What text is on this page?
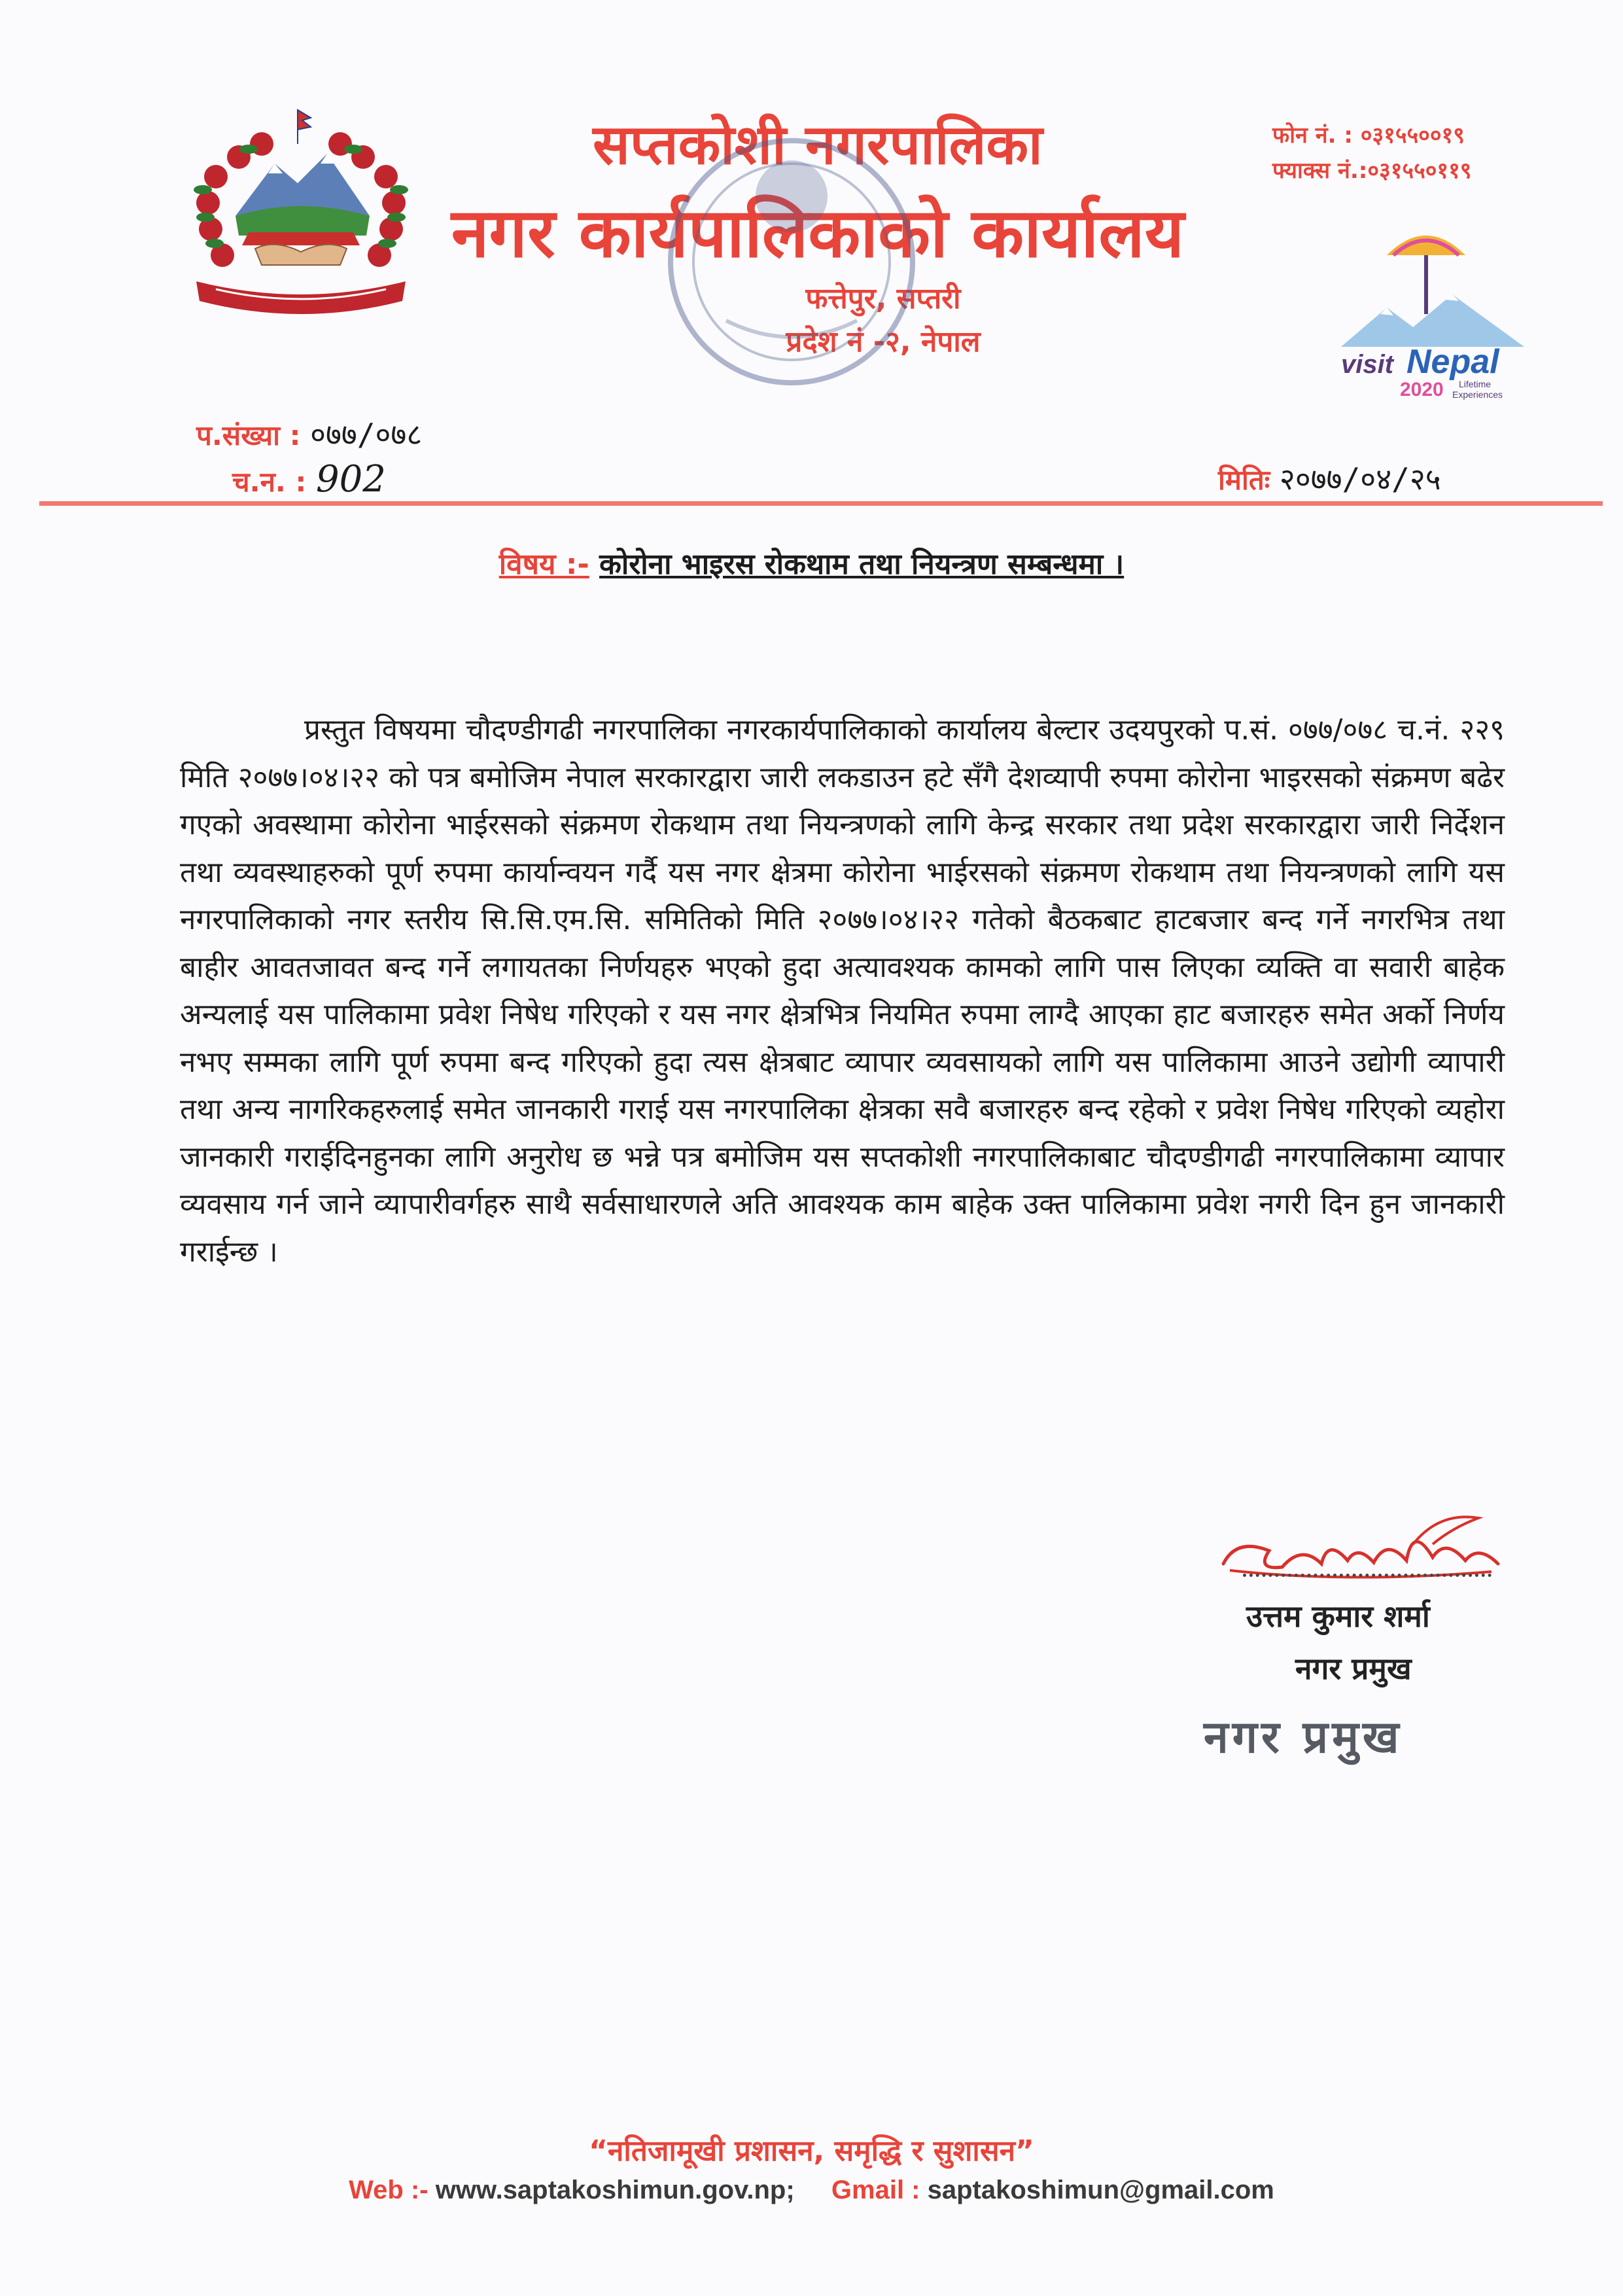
सप्तकोशी नगरपालिका
नगर कार्यपालिकाको कार्यालय
फत्तेपुर, सप्तरी
प्रदेश नं -२, नेपाल
फोन नं. : ०३१५५००१९
फ्याक्स नं.:०३१५५०११९
visit Nepal
2020 Lifetime
Experiences
प.संख्या : ०७७/०७८
च.न. : 902	मितिः २०७७/०४/२५
विषय :- कोरोना भाइरस रोकथाम तथा नियन्त्रण सम्बन्धमा ।

प्रस्तुत विषयमा चौदण्डीगढी नगरपालिका नगरकार्यपालिकाको कार्यालय बेल्टार उदयपुरको प.सं. ०७७/०७८ च.नं. २२९ मिति २०७७।०४।२२ को पत्र बमोजिम नेपाल सरकारद्वारा जारी लकडाउन हटे सँगै देशव्यापी रुपमा कोरोना भाइरसको संक्रमण बढेर गएको अवस्थामा कोरोना भाईरसको संक्रमण रोकथाम तथा नियन्त्रणको लागि केन्द्र सरकार तथा प्रदेश सरकारद्वारा जारी निर्देशन तथा व्यवस्थाहरुको पूर्ण रुपमा कार्यान्वयन गर्दै यस नगर क्षेत्रमा कोरोना भाईरसको संक्रमण रोकथाम तथा नियन्त्रणको लागि यस नगरपालिकाको नगर स्तरीय सि.सि.एम.सि. समितिको मिति २०७७।०४।२२ गतेको बैठकबाट हाटबजार बन्द गर्ने नगरभित्र तथा बाहीर आवतजावत बन्द गर्ने लगायतका निर्णयहरु भएको हुदा अत्यावश्यक कामको लागि पास लिएका व्यक्ति वा सवारी बाहेक अन्यलाई यस पालिकामा प्रवेश निषेध गरिएको र यस नगर क्षेत्रभित्र नियमित रुपमा लाग्दै आएका हाट बजारहरु समेत अर्को निर्णय नभए सम्मका लागि पूर्ण रुपमा बन्द गरिएको हुदा त्यस क्षेत्रबाट व्यापार व्यवसायको लागि यस पालिकामा आउने उद्योगी व्यापारी तथा अन्य नागरिकहरुलाई समेत जानकारी गराई यस नगरपालिका क्षेत्रका सवै बजारहरु बन्द रहेको र प्रवेश निषेध गरिएको व्यहोरा जानकारी गराईदिनहुनका लागि अनुरोध छ भन्ने पत्र बमोजिम यस सप्तकोशी नगरपालिकाबाट चौदण्डीगढी नगरपालिकामा व्यापार व्यवसाय गर्न जाने व्यापारीवर्गहरु साथै सर्वसाधारणले अति आवश्यक काम बाहेक उक्त पालिकामा प्रवेश नगरी दिन हुन जानकारी गराईन्छ ।

उत्तम कुमार शर्मा
नगर प्रमुख
नगर प्रमुख
“नतिजामूखी प्रशासन, समृद्धि र सुशासन”
Web :- www.saptakoshimun.gov.np; Gmail : saptakoshimun@gmail.com
